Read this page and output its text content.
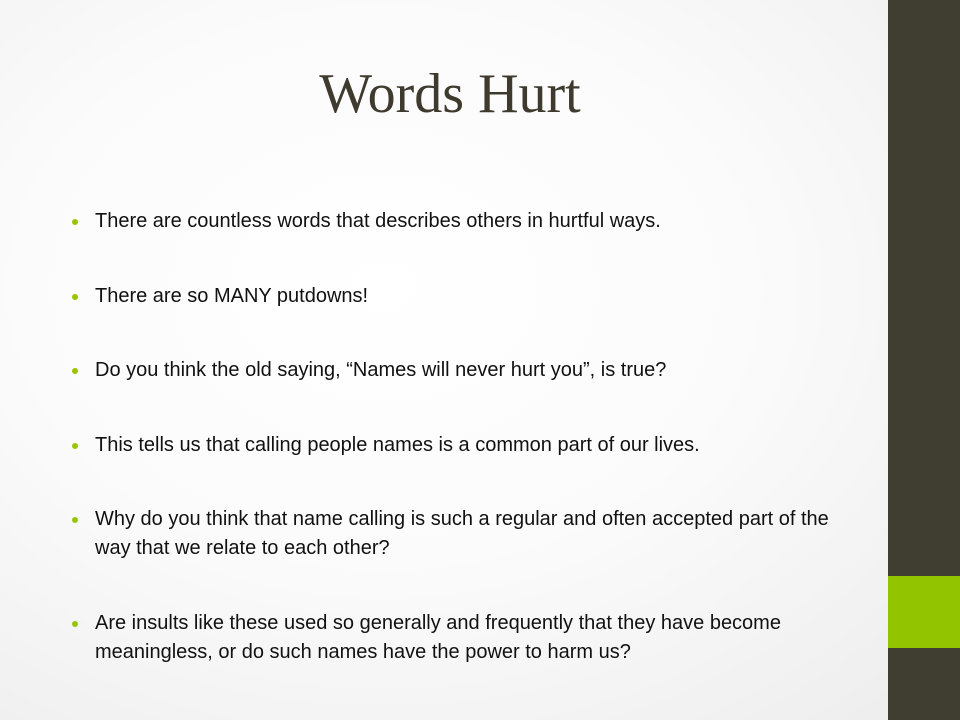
Words Hurt
There are countless words that describes others in hurtful ways.
There are so MANY putdowns!
Do you think the old saying, “Names will never hurt you”, is true?
This tells us that calling people names is a common part of our lives.
Why do you think that name calling is such a regular and often accepted part of the way that we relate to each other?
Are insults like these used so generally and frequently that they have become meaningless, or do such names have the power to harm us?
